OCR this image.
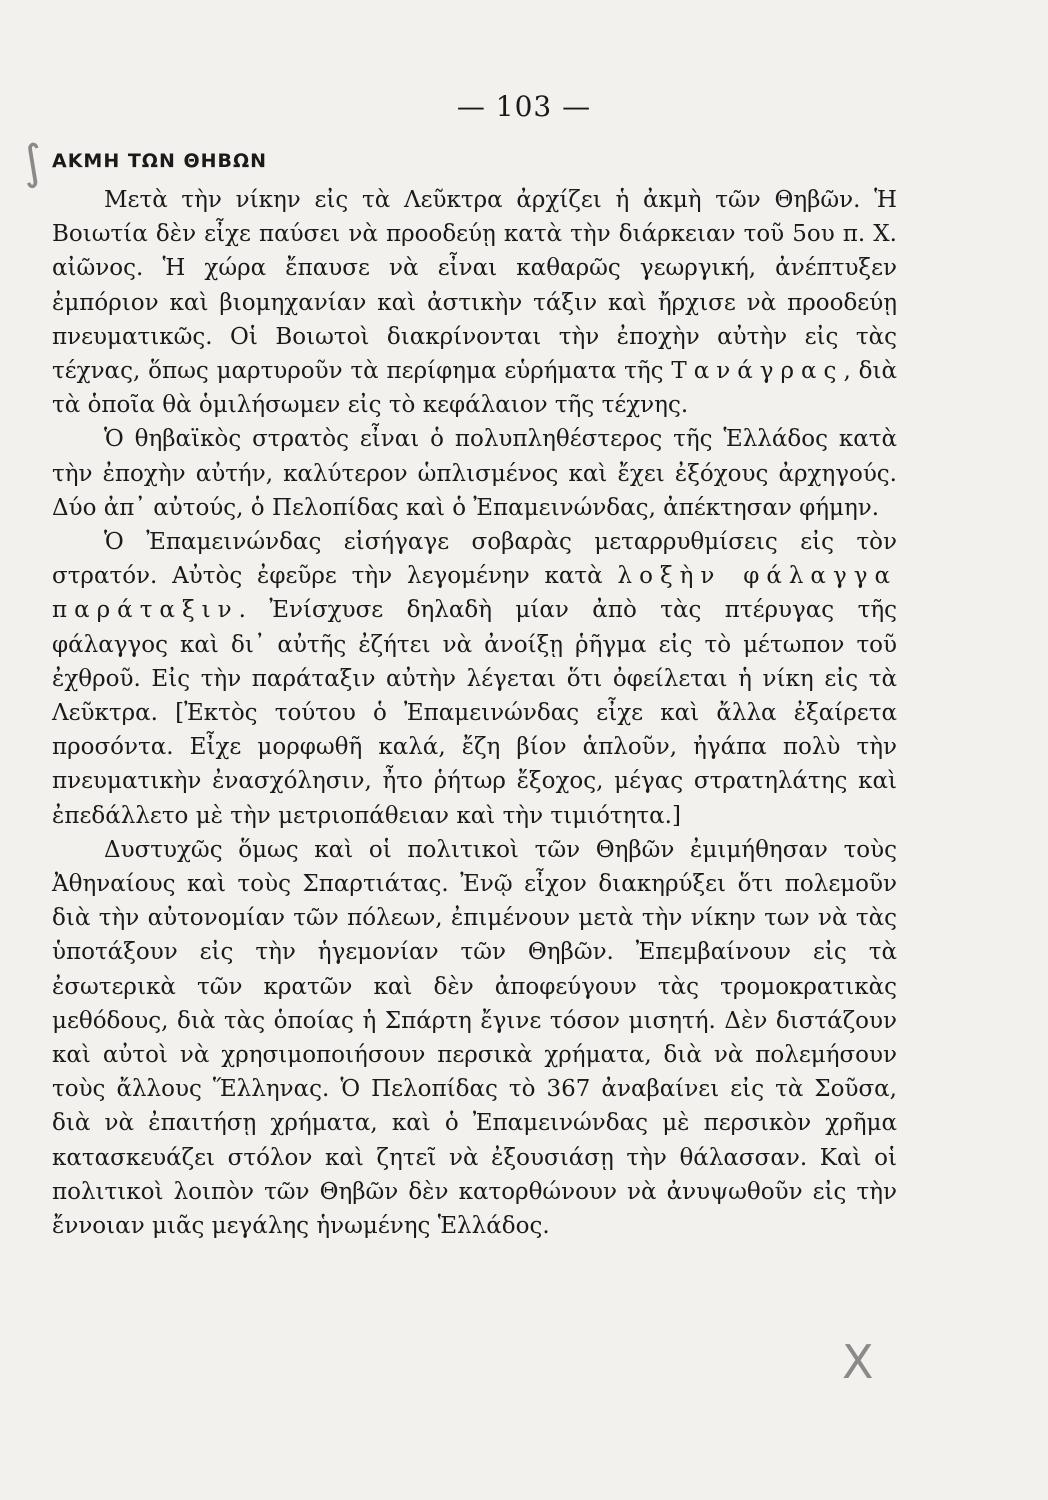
— 103 —
∫ ΑΚΜΗ ΤΩΝ ΘΗΒΩΝ

Μετὰ τὴν νίκην εἰς τὰ Λεῦκτρα ἀρχίζει ἡ ἀκμὴ τῶν Θηβῶν. Ἡ Βοιωτία δὲν εἶχε παύσει νὰ προοδεύῃ κατὰ τὴν διάρκειαν τοῦ 5ου π. Χ. αἰῶνος. Ἡ χώρα ἔπαυσε νὰ εἶναι καθαρῶς γεωργική, ἀνέπτυξεν ἐμπόριον καὶ βιομηχανίαν καὶ ἀστικὴν τάξιν καὶ ἤρχισε νὰ προοδεύῃ πνευματικῶς. Οἱ Βοιωτοὶ διακρίνονται τὴν ἐποχὴν αὐτὴν εἰς τὰς τέχνας, ὅπως μαρτυροῦν τὰ περίφημα εὑρήματα τῆς Τανάγρας, διὰ τὰ ὁποῖα θὰ ὁμιλήσωμεν εἰς τὸ κεφάλαιον τῆς τέχνης.

Ὁ θηβαϊκὸς στρατὸς εἶναι ὁ πολυπληθέστερος τῆς Ἑλλάδος κατὰ τὴν ἐποχὴν αὐτήν, καλύτερον ὡπλισμένος καὶ ἔχει ἐξόχους ἀρχηγούς. Δύο ἀπ᾿ αὐτούς, ὁ Πελοπίδας καὶ ὁ Ἐπαμεινώνδας, ἀπέκτησαν φήμην.

Ὁ Ἐπαμεινώνδας εἰσήγαγε σοβαρὰς μεταρρυθμίσεις εἰς τὸν στρατόν. Αὐτὸς ἐφεῦρε τὴν λεγομένην κατὰ λοξὴν φάλαγγα παράταξιν. Ἐνίσχυσε δηλαδὴ μίαν ἀπὸ τὰς πτέρυγας τῆς φάλαγγος καὶ δι᾿ αὐτῆς ἐζήτει νὰ ἀνοίξῃ ῥῆγμα εἰς τὸ μέτωπον τοῦ ἐχθροῦ. Εἰς τὴν παράταξιν αὐτὴν λέγεται ὅτι ὀφείλεται ἡ νίκη εἰς τὰ Λεῦκτρα. [Ἐκτὸς τούτου ὁ Ἐπαμεινώνδας εἶχε καὶ ἄλλα ἐξαίρετα προσόντα. Εἶχε μορφωθῆ καλά, ἔζη βίον ἁπλοῦν, ἠγάπα πολὺ τὴν πνευματικὴν ἐνασχόλησιν, ἦτο ῥήτωρ ἔξοχος, μέγας στρατηλάτης καὶ ἐπεδάλλετο μὲ τὴν μετριοπάθειαν καὶ τὴν τιμιότητα.]

Δυστυχῶς ὅμως καὶ οἱ πολιτικοὶ τῶν Θηβῶν ἐμιμήθησαν τοὺς Ἀθηναίους καὶ τοὺς Σπαρτιάτας. Ἐνῷ εἶχον διακηρύξει ὅτι πολεμοῦν διὰ τὴν αὐτονομίαν τῶν πόλεων, ἐπιμένουν μετὰ τὴν νίκην των νὰ τὰς ὑποτάξουν εἰς τὴν ἡγεμονίαν τῶν Θηβῶν. Ἐπεμβαίνουν εἰς τὰ ἐσωτερικὰ τῶν κρατῶν καὶ δὲν ἀποφεύγουν τὰς τρομοκρατικὰς μεθόδους, διὰ τὰς ὁποίας ἡ Σπάρτη ἔγινε τόσον μισητή. Δὲν διστάζουν καὶ αὐτοὶ νὰ χρησιμοποιήσουν περσικὰ χρήματα, διὰ νὰ πολεμήσουν τοὺς ἄλλους Ἕλληνας. Ὁ Πελοπίδας τὸ 367 ἀναβαίνει εἰς τὰ Σοῦσα, διὰ νὰ ἐπαιτήσῃ χρήματα, καὶ ὁ Ἐπαμεινώνδας μὲ περσικὸν χρῆμα κατασκευάζει στόλον καὶ ζητεῖ νὰ ἐξουσιάσῃ τὴν θάλασσαν. Καὶ οἱ πολιτικοὶ λοιπὸν τῶν Θηβῶν δὲν κατορθώνουν νὰ ἀνυψωθοῦν εἰς τὴν ἔννοιαν μιᾶς μεγάλης ἡνωμένης Ἑλλάδος.

X
